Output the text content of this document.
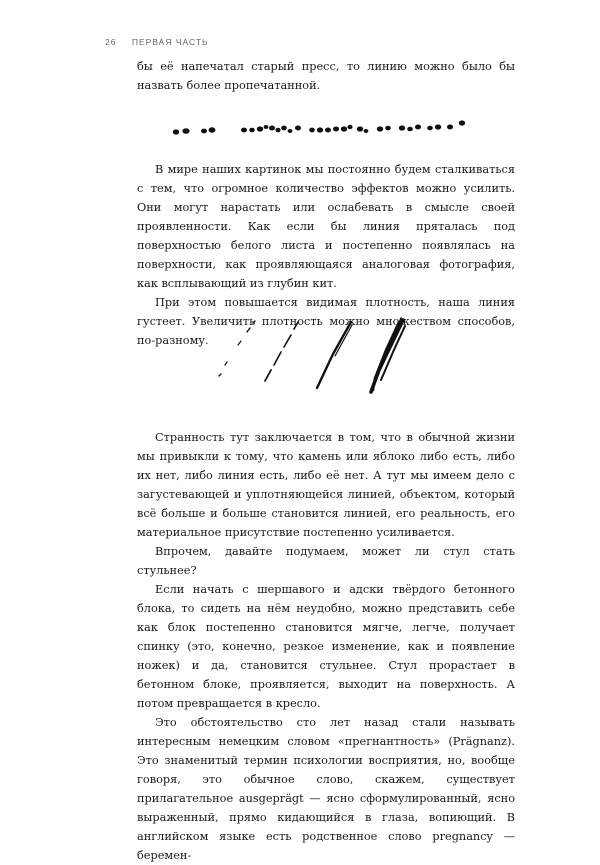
26 ПЕРВАЯ ЧАСТЬ

бы её напечатал старый пресс, то линию можно было бы назвать более пропечатанной.

В мире наших картинок мы постоянно будем сталкиваться с тем, что огромное количество эффектов можно усилить. Они могут нарастать или ослабевать в смысле своей проявленности. Как если бы линия пряталась под поверхностью белого листа и постепенно появлялась на поверхности, как проявляющаяся аналоговая фотография, как всплывающий из глубин кит.

При этом повышается видимая плотность, наша линия густеет. Увеличить плотность можно множеством способов, по-разному.

Странность тут заключается в том, что в обычной жизни мы привыкли к тому, что камень или яблоко либо есть, либо их нет, либо линия есть, либо её нет. А тут мы имеем дело с загустевающей и уплотняющейся линией, объектом, который всё больше и больше становится линией, его реальность, его материальное присутствие постепенно усиливается.

Впрочем, давайте подумаем, может ли стул стать стульнее?

Если начать с шершавого и адски твёрдого бетонного блока, то сидеть на нём неудобно, можно представить себе как блок постепенно становится мягче, легче, получает спинку (это, конечно, резкое изменение, как и появление ножек) и да, становится стульнее. Стул прорастает в бетонном блоке, проявляется, выходит на поверхность. А потом превращается в кресло.

Это обстоятельство сто лет назад стали называть интересным немецким словом «прегнантность» (Prägnanz). Это знаменитый термин психологии восприятия, но, вообще говоря, это обычное слово, скажем, существует прилагательное ausgeprägt — ясно сформулированный, ясно выраженный, прямо кидающийся в глаза, вопиющий. В английском языке есть родственное слово pregnancy — беремен-
